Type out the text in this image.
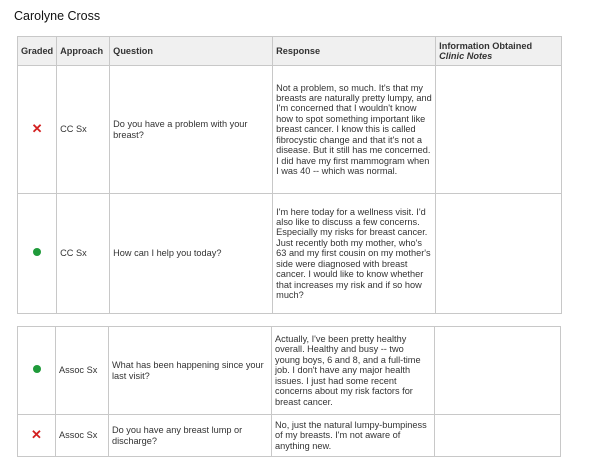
Carolyne Cross
Graded	Approach	Question	Response	Information Obtained
Clinic Notes

✕	CC Sx	Do you have a problem with your breast?	Not a problem, so much. It's that my breasts are naturally pretty lumpy, and I'm concerned that I wouldn't know how to spot something important like breast cancer. I know this is called fibrocystic change and that it's not a disease. But it still has me concerned. I did have my first mammogram when I was 40 -- which was normal.	
	CC Sx	How can I help you today?	I'm here today for a wellness visit. I'd also like to discuss a few concerns. Especially my risks for breast cancer. Just recently both my mother, who's 63 and my first cousin on my mother's side were diagnosed with breast cancer. I would like to know whether that increases my risk and if so how much?	
	Assoc Sx	What has been happening since your last visit?	Actually, I've been pretty healthy overall. Healthy and busy -- two young boys, 6 and 8, and a full-time job. I don't have any major health issues. I just had some recent concerns about my risk factors for breast cancer.	
✕	Assoc Sx	Do you have any breast lump or discharge?	No, just the natural lumpy-bumpiness of my breasts. I'm not aware of anything new.	
